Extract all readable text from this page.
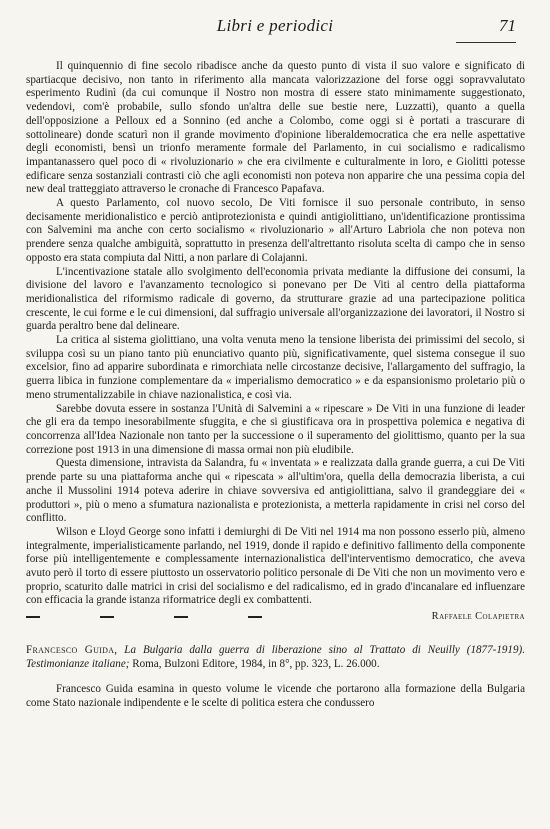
Libri e periodici	71

Il quinquennio di fine secolo ribadisce anche da questo punto di vista il suo valore e significato di spartiacque decisivo, non tanto in riferimento alla mancata valorizzazione del forse oggi sopravvalutato esperimento Rudinì (da cui comunque il Nostro non mostra di essere stato minimamente suggestionato, vedendovi, com'è probabile, sullo sfondo un'altra delle sue bestie nere, Luzzatti), quanto a quella dell'opposizione a Pelloux ed a Sonnino (ed anche a Colombo, come oggi si è portati a trascurare di sottolineare) donde scaturì non il grande movimento d'opinione liberaldemocratica che era nelle aspettative degli economisti, bensì un trionfo meramente formale del Parlamento, in cui socialismo e radicalismo impantanassero quel poco di « rivoluzionario » che era civilmente e culturalmente in loro, e Giolitti potesse edificare senza sostanziali contrasti ciò che agli economisti non poteva non apparire che una pessima copia del new deal tratteggiato attraverso le cronache di Francesco Papafava.

A questo Parlamento, col nuovo secolo, De Viti fornisce il suo personale contributo, in senso decisamente meridionalistico e perciò antiprotezionista e quindi antigiolittiano, un'identificazione prontissima con Salvemini ma anche con certo socialismo « rivoluzionario » all'Arturo Labriola che non poteva non prendere senza qualche ambiguità, soprattutto in presenza dell'altrettanto risoluta scelta di campo che in senso opposto era stata compiuta dal Nitti, a non parlare di Colajanni.

L'incentivazione statale allo svolgimento dell'economia privata mediante la diffusione dei consumi, la divisione del lavoro e l'avanzamento tecnologico si ponevano per De Viti al centro della piattaforma meridionalistica del riformismo radicale di governo, da strutturare grazie ad una partecipazione politica crescente, le cui forme e le cui dimensioni, dal suffragio universale all'organizzazione dei lavoratori, il Nostro si guarda peraltro bene dal delineare.

La critica al sistema giolittiano, una volta venuta meno la tensione liberista dei primissimi del secolo, si sviluppa così su un piano tanto più enunciativo quanto più, significativamente, quel sistema consegue il suo excelsior, fino ad apparire subordinata e rimorchiata nelle circostanze decisive, l'allargamento del suffragio, la guerra libica in funzione complementare da « imperialismo democratico » e da espansionismo proletario più o meno strumentalizzabile in chiave nazionalistica, e così via.

Sarebbe dovuta essere in sostanza l'Unità di Salvemini a « ripescare » De Viti in una funzione di leader che gli era da tempo inesorabilmente sfuggita, e che si giustificava ora in prospettiva polemica e negativa di concorrenza all'Idea Nazionale non tanto per la successione o il superamento del giolittismo, quanto per la sua correzione post 1913 in una dimensione di massa ormai non più eludibile.

Questa dimensione, intravista da Salandra, fu « inventata » e realizzata dalla grande guerra, a cui De Viti prende parte su una piattaforma anche qui « ripescata » all'ultim'ora, quella della democrazia liberista, a cui anche il Mussolini 1914 poteva aderire in chiave sovversiva ed antigiolittiana, salvo il grandeggiare dei « produttori », più o meno a sfumatura nazionalista e protezionista, a metterla rapidamente in crisi nel corso del conflitto.

Wilson e Lloyd George sono infatti i demiurghi di De Viti nel 1914 ma non possono esserlo più, almeno integralmente, imperialisticamente parlando, nel 1919, donde il rapido e definitivo fallimento della componente forse più intelligentemente e complessamente internazionalistica dell'interventismo democratico, che aveva avuto però il torto di essere piuttosto un osservatorio politico personale di De Viti che non un movimento vero e proprio, scaturito dalle matrici in crisi del socialismo e del radicalismo, ed in grado d'incanalare ed influenzare con efficacia la grande istanza riformatrice degli ex combattenti.

Raffaele Colapietra
Francesco Guida, La Bulgaria dalla guerra di liberazione sino al Trattato di Neuilly (1877-1919). Testimonianze italiane; Roma, Bulzoni Editore, 1984, in 8°, pp. 323, L. 26.000.

Francesco Guida esamina in questo volume le vicende che portarono alla formazione della Bulgaria come Stato nazionale indipendente e le scelte di politica estera che condussero
